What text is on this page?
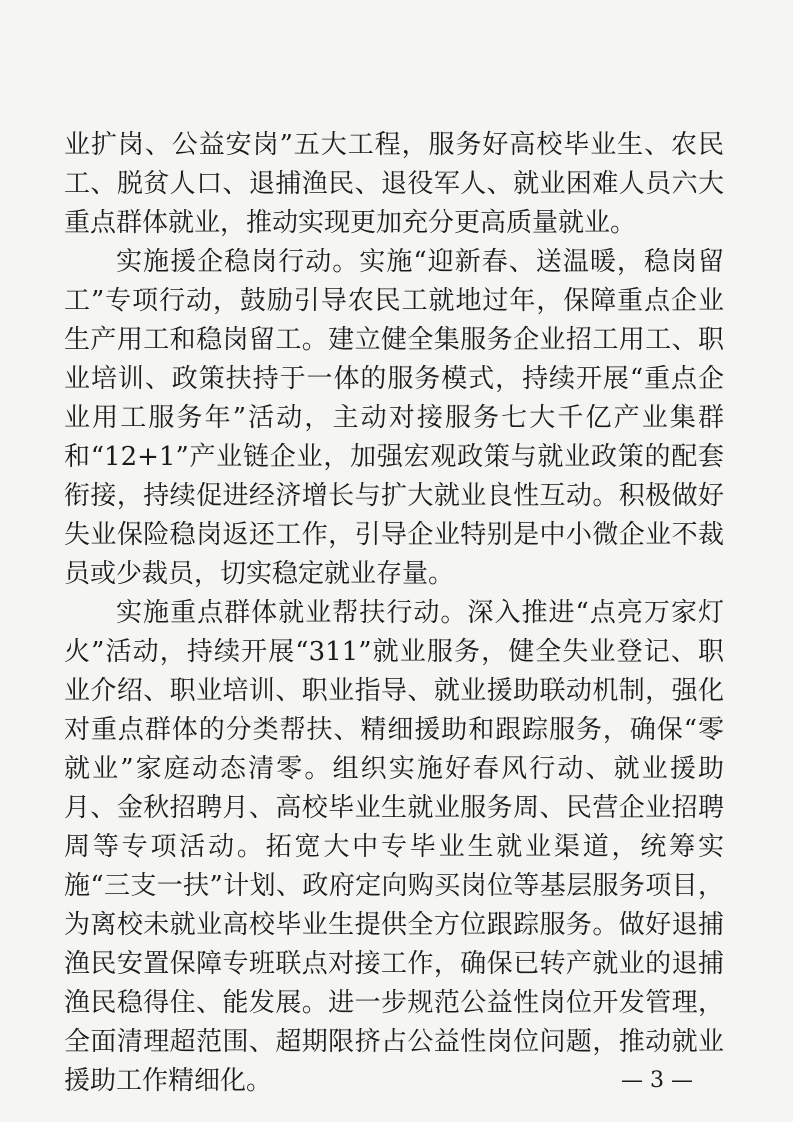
业扩岗、公益安岗”五大工程，服务好高校毕业生、农民工、脱贫人口、退捕渔民、退役军人、就业困难人员六大重点群体就业，推动实现更加充分更高质量就业。

实施援企稳岗行动。实施“迎新春、送温暖，稳岗留工”专项行动，鼓励引导农民工就地过年，保障重点企业生产用工和稳岗留工。建立健全集服务企业招工用工、职业培训、政策扶持于一体的服务模式，持续开展“重点企业用工服务年”活动，主动对接服务七大千亿产业集群和“12+1”产业链企业，加强宏观政策与就业政策的配套衔接，持续促进经济增长与扩大就业良性互动。积极做好失业保险稳岗返还工作，引导企业特别是中小微企业不裁员或少裁员，切实稳定就业存量。

实施重点群体就业帮扶行动。深入推进“点亮万家灯火”活动，持续开展“311”就业服务，健全失业登记、职业介绍、职业培训、职业指导、就业援助联动机制，强化对重点群体的分类帮扶、精细援助和跟踪服务，确保“零就业”家庭动态清零。组织实施好春风行动、就业援助月、金秋招聘月、高校毕业生就业服务周、民营企业招聘周等专项活动。拓宽大中专毕业生就业渠道，统筹实施“三支一扶”计划、政府定向购买岗位等基层服务项目，为离校未就业高校毕业生提供全方位跟踪服务。做好退捕渔民安置保障专班联点对接工作，确保已转产就业的退捕渔民稳得住、能发展。进一步规范公益性岗位开发管理，全面清理超范围、超期限挤占公益性岗位问题，推动就业援助工作精细化。	— 3 —
